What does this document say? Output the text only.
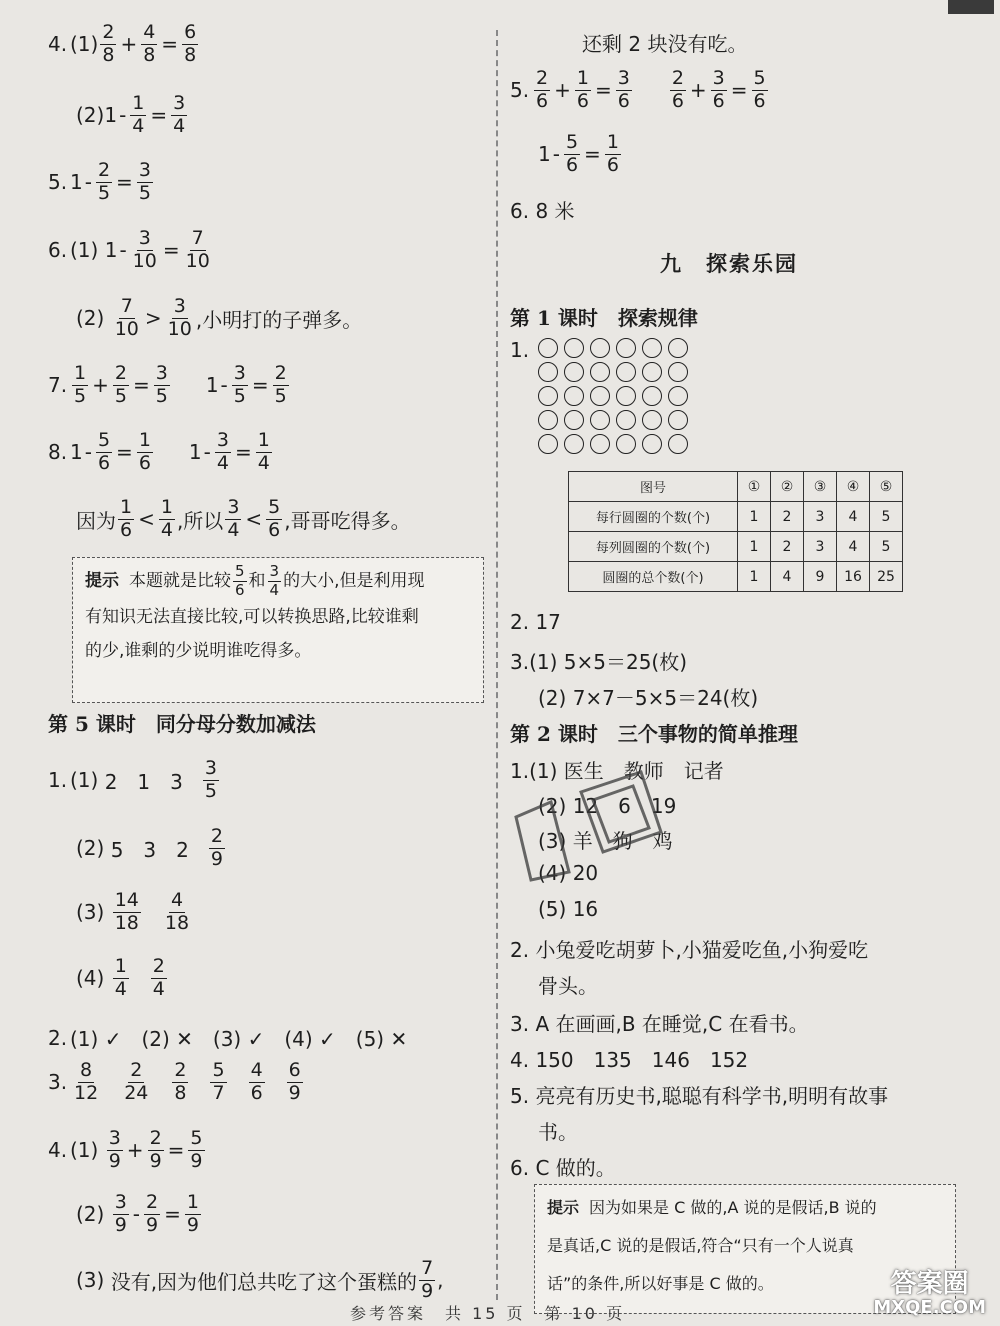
4. $(1) \frac{2}{8} + \frac{4}{8} = \frac{6}{8}$
(2) $1 - \frac{1}{4} = \frac{3}{4}$
5. $1 - \frac{2}{5} = \frac{3}{5}$
6. (1)
$1 - \frac{3}{10} = \frac{7}{10}$
(2)
$\frac{7}{10} > \frac{3}{10}$ ,小明打的子弹多。
7. $\frac{1}{5} + \frac{2}{5} = \frac{3}{5} 1 - \frac{3}{5} = \frac{2}{5}$
8. $1 - \frac{5}{6} = \frac{1}{6} 1 - \frac{3}{4} = \frac{1}{4}$
因为 $\frac{1}{6} < \frac{1}{4}$ ,所以 $\frac{3}{4} < \frac{5}{6}$ ,哥哥吃得多。
提示 本题就是比较 $\frac{5}{6}$ 和 $\frac{3}{4}$ 的大小,但是利用现
有知识无法直接比较,可以转换思路,比较谁剩
的少,谁剩的少说明谁吃得多。
第 5 课时　同分母分数加减法
1. (1)
2　1　$3 \frac{3}{5}$
(2)
5　3　$2 \frac{2}{9}$
(3)
$\frac{14}{18} \frac{4}{18}$
(4)
$\frac{1}{4} \frac{2}{4}$
2. (1) ✓　(2) ✕　(3) ✓　(4) ✓　(5) ✕
3. $\frac{8}{12} \frac{2}{24} \frac{2}{8} \frac{5}{7} \frac{4}{6} \frac{6}{9}$
4. (1)
$\frac{3}{9} + \frac{2}{9} = \frac{5}{9}$
(2)
$\frac{3}{9} - \frac{2}{9} = \frac{1}{9}$
(3)
没有,因为他们总共吃了这个蛋糕的 $\frac{7}{9}$ ,
还剩 2 块没有吃。
5. $\frac{2}{6} + \frac{1}{6} = \frac{3}{6} \frac{2}{6} + \frac{3}{6} = \frac{5}{6}$
$1 - \frac{5}{6} = \frac{1}{6}$
6. 8 米
九　探索乐园
第 1 课时　探索规律
1.
图号	①	②	③	④	⑤
每行圆圈的个数(个)	1	2	3	4	5
每列圆圈的个数(个)	1	2	3	4	5
圆圈的总个数(个)	1	4	9	16	25
2. 17
3.(1) 5×5＝25(枚)
(2) 7×7－5×5＝24(枚)
第 2 课时　三个事物的简单推理
1.(1) 医生　教师　记者
(2) 12　6　19
(3) 羊　狗　鸡
(4) 20
(5) 16
2. 小兔爱吃胡萝卜,小猫爱吃鱼,小狗爱吃
骨头。
3. A 在画画,B 在睡觉,C 在看书。
4. 150　135　146　152
5. 亮亮有历史书,聪聪有科学书,明明有故事
书。
6. C 做的。
提示 因为如果是 C 做的,A 说的是假话,B 说的
是真话,C 说的是假话,符合“只有一个人说真
话”的条件,所以好事是 C 做的。
参考答案　共 15 页　第 10 页
答案圈
MXQE.COM
